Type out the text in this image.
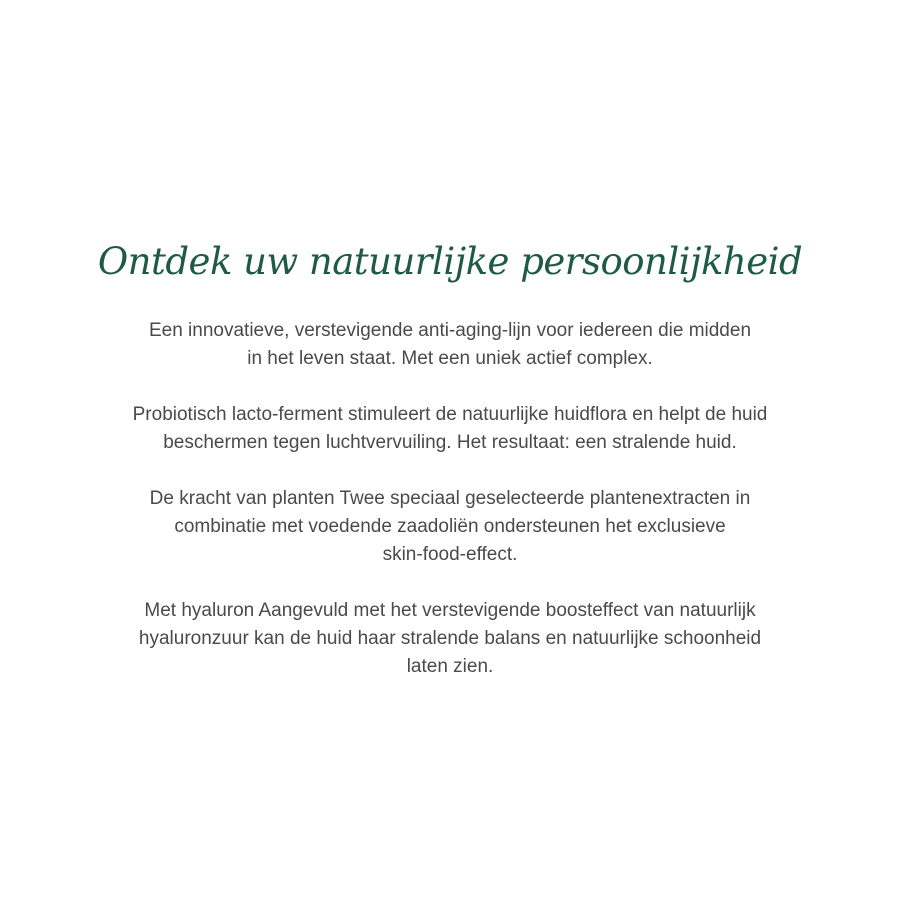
Ontdek uw natuurlijke persoonlijkheid

Een innovatieve, verstevigende anti-aging-lijn voor iedereen die midden
in het leven staat. Met een uniek actief complex.

Probiotisch lacto-ferment stimuleert de natuurlijke huidflora en helpt de huid
beschermen tegen luchtvervuiling. Het resultaat: een stralende huid.

De kracht van planten Twee speciaal geselecteerde plantenextracten in
combinatie met voedende zaadoliën ondersteunen het exclusieve
skin-food-effect.

Met hyaluron Aangevuld met het verstevigende boosteffect van natuurlijk
hyaluronzuur kan de huid haar stralende balans en natuurlijke schoonheid
laten zien.
